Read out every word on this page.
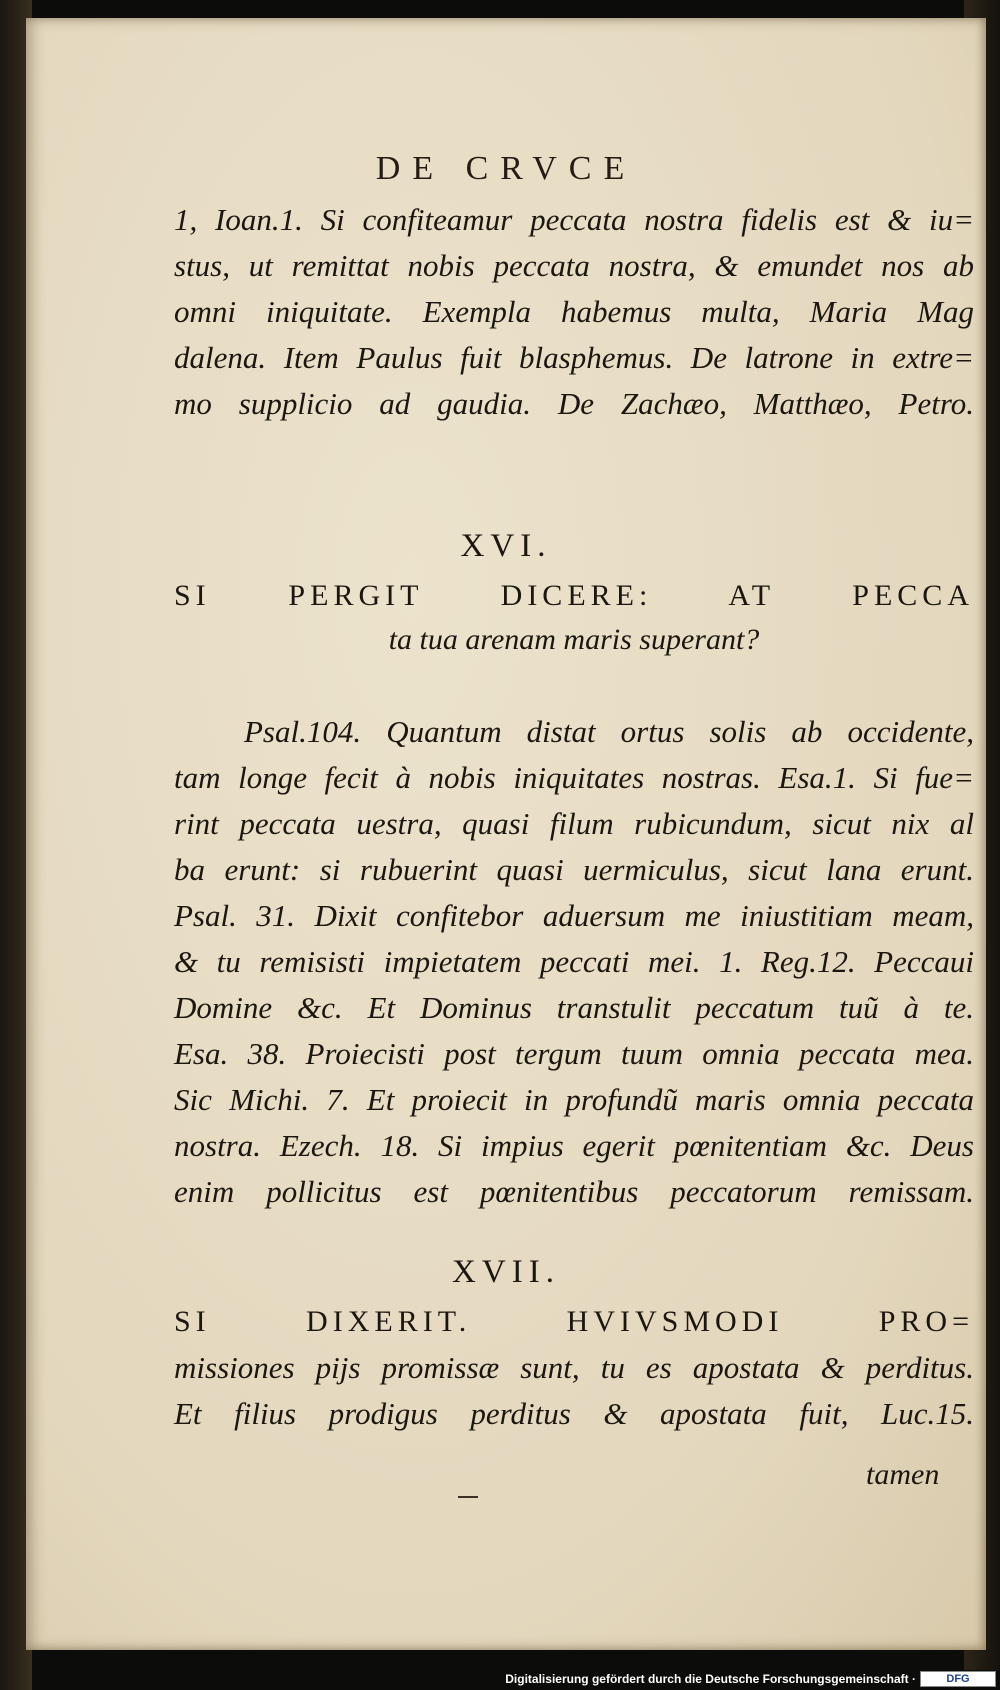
DE CRVCE
1, Ioan.1. Si confiteamur peccata nostra fidelis est & iu=
stus, ut remittat nobis peccata nostra, & emundet nos ab
omni iniquitate. Exempla habemus multa, Maria Mag
dalena. Item Paulus fuit blasphemus. De latrone in extre=
mo supplicio ad gaudia. De Zachæo, Matthæo, Petro.
XVI.
SI PERGIT DICERE: AT PECCA
ta tua arenam maris superant?
Psal.104. Quantum distat ortus solis ab occidente,
tam longe fecit à nobis iniquitates nostras. Esa.1. Si fue=
rint peccata uestra, quasi filum rubicundum, sicut nix al
ba erunt: si rubuerint quasi uermiculus, sicut lana erunt.
Psal. 31. Dixit confitebor aduersum me iniustitiam meam,
& tu remisisti impietatem peccati mei. 1. Reg.12. Peccaui
Domine &c. Et Dominus transtulit peccatum tuũ à te.
Esa. 38. Proiecisti post tergum tuum omnia peccata mea.
Sic Michi. 7. Et proiecit in profundũ maris omnia peccata
nostra. Ezech. 18. Si impius egerit pœnitentiam &c. Deus
enim pollicitus est pœnitentibus peccatorum remissam.
XVII.
SI DIXERIT. HVIVSMODI PRO=
missiones pijs promissæ sunt, tu es apostata & perditus.
Et filius prodigus perditus & apostata fuit, Luc.15.
tamen
Digitalisierung gefördert durch die Deutsche Forschungsgemeinschaft ·	DFG
